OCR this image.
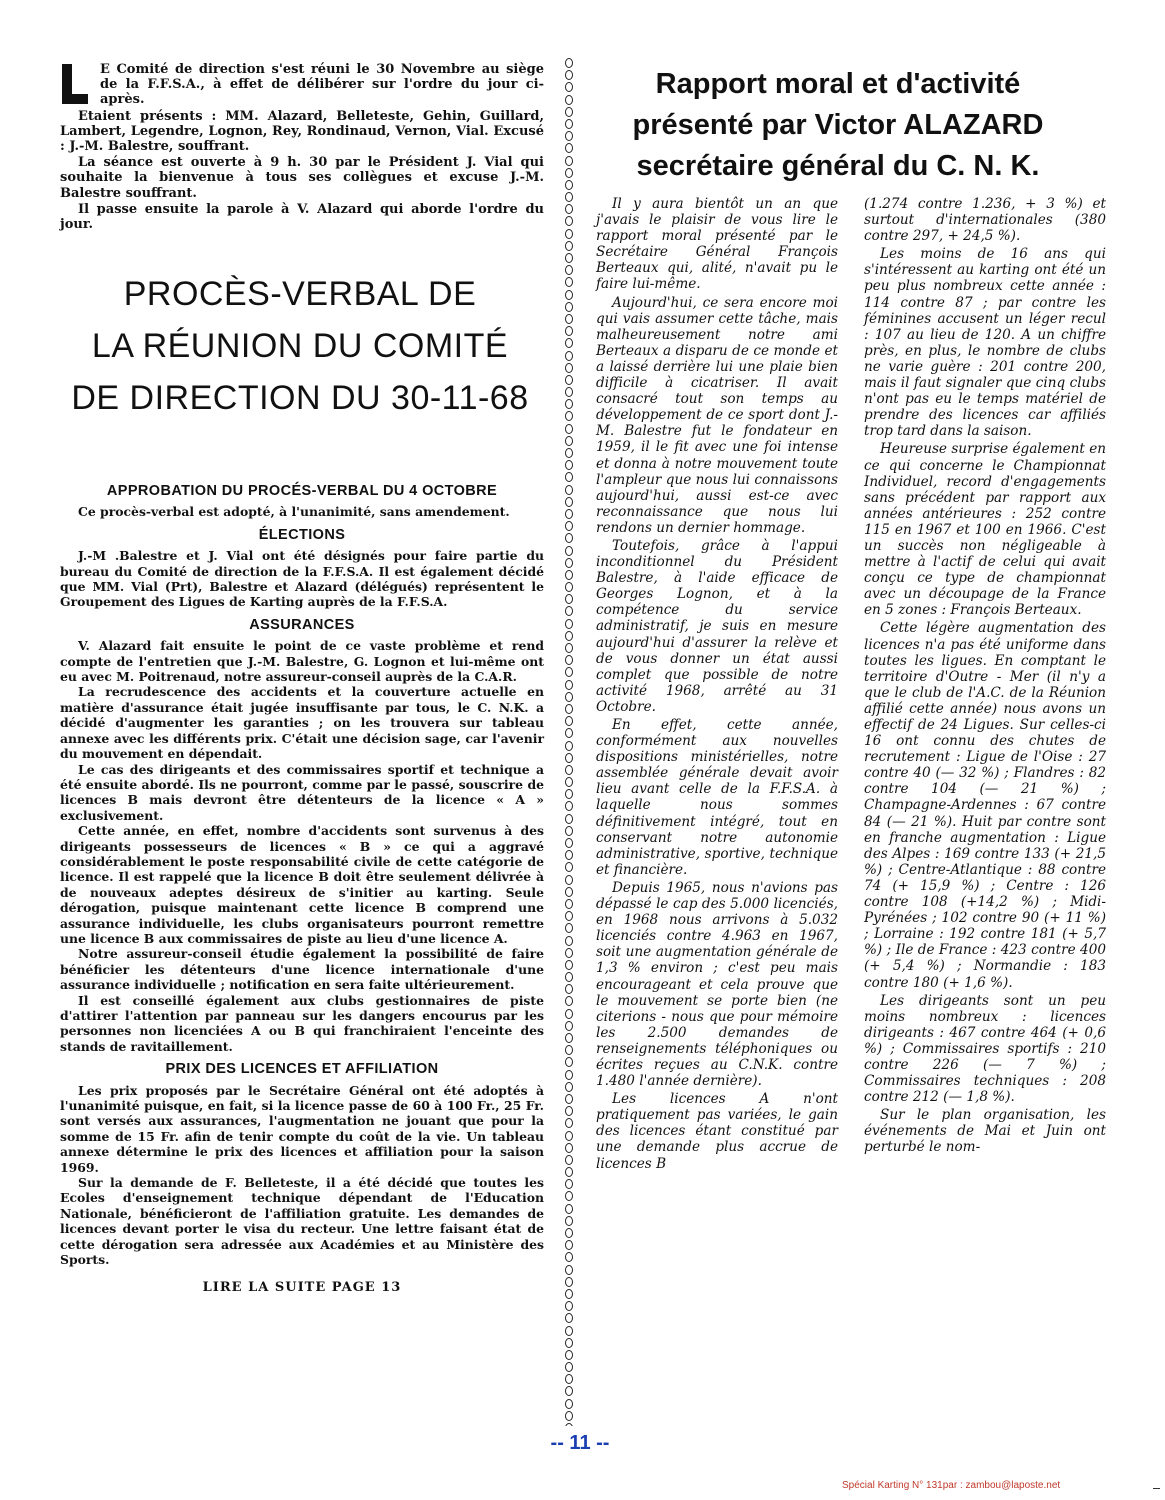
E Comité de direction s'est réuni le 30 Novembre au siège de la F.F.S.A., à effet de délibérer sur l'ordre du jour ci-après.

Etaient présents : MM. Alazard, Belleteste, Gehin, Guillard, Lambert, Legendre, Lognon, Rey, Rondinaud, Vernon, Vial. Excusé : J.-M. Balestre, souffrant.

La séance est ouverte à 9 h. 30 par le Président J. Vial qui souhaite la bienvenue à tous ses collègues et excuse J.-M. Balestre souffrant.

Il passe ensuite la parole à V. Alazard qui aborde l'ordre du jour.

PROCÈS-VERBAL DE
LA RÉUNION DU COMITÉ
DE DIRECTION DU 30-11-68
APPROBATION DU PROCÉS-VERBAL DU 4 OCTOBRE

Ce procès-verbal est adopté, à l'unanimité, sans amendement.

ÉLECTIONS

J.-M .Balestre et J. Vial ont été désignés pour faire partie du bureau du Comité de direction de la F.F.S.A. Il est également décidé que MM. Vial (Prt), Balestre et Alazard (délégués) représentent le Groupement des Ligues de Karting auprès de la F.F.S.A.

ASSURANCES

V. Alazard fait ensuite le point de ce vaste problème et rend compte de l'entretien que J.-M. Balestre, G. Lognon et lui-même ont eu avec M. Poitrenaud, notre assureur-conseil auprès de la C.A.R.

La recrudescence des accidents et la couverture actuelle en matière d'assurance était jugée insuffisante par tous, le C. N.K. a décidé d'augmenter les garanties ; on les trouvera sur tableau annexe avec les différents prix. C'était une décision sage, car l'avenir du mouvement en dépendait.

Le cas des dirigeants et des commissaires sportif et technique a été ensuite abordé. Ils ne pourront, comme par le passé, souscrire de licences B mais devront être détenteurs de la licence « A » exclusivement.

Cette année, en effet, nombre d'accidents sont survenus à des dirigeants possesseurs de licences « B » ce qui a aggravé considérablement le poste responsabilité civile de cette catégorie de licence. Il est rappelé que la licence B doit être seulement délivrée à de nouveaux adeptes désireux de s'initier au karting. Seule dérogation, puisque maintenant cette licence B comprend une assurance individuelle, les clubs organisateurs pourront remettre une licence B aux commissaires de piste au lieu d'une licence A.

Notre assureur-conseil étudie également la possibilité de faire bénéficier les détenteurs d'une licence internationale d'une assurance individuelle ; notification en sera faite ultérieurement.

Il est conseillé également aux clubs gestionnaires de piste d'attirer l'attention par panneau sur les dangers encourus par les personnes non licenciées A ou B qui franchiraient l'enceinte des stands de ravitaillement.

PRIX DES LICENCES ET AFFILIATION

Les prix proposés par le Secrétaire Général ont été adoptés à l'unanimité puisque, en fait, si la licence passe de 60 à 100 Fr., 25 Fr. sont versés aux assurances, l'augmentation ne jouant que pour la somme de 15 Fr. afin de tenir compte du coût de la vie. Un tableau annexe détermine le prix des licences et affiliation pour la saison 1969.

Sur la demande de F. Belleteste, il a été décidé que toutes les Ecoles d'enseignement technique dépendant de l'Education Nationale, bénéficieront de l'affiliation gratuite. Les demandes de licences devant porter le visa du recteur. Une lettre faisant état de cette dérogation sera adressée aux Académies et au Ministère des Sports.

LIRE LA SUITE PAGE 13
Rapport moral et d'activité
présenté par Victor ALAZARD
secrétaire général du C. N. K.

Il y aura bientôt un an que j'avais le plaisir de vous lire le rapport moral présenté par le Secrétaire Général François Berteaux qui, alité, n'avait pu le faire lui-même.

Aujourd'hui, ce sera encore moi qui vais assumer cette tâche, mais malheureusement notre ami Berteaux a disparu de ce monde et a laissé derrière lui une plaie bien difficile à cicatriser. Il avait consacré tout son temps au développement de ce sport dont J.-M. Balestre fut le fondateur en 1959, il le fit avec une foi intense et donna à notre mouvement toute l'ampleur que nous lui connaissons aujourd'hui, aussi est-ce avec reconnaissance que nous lui rendons un dernier hommage.

Toutefois, grâce à l'appui inconditionnel du Président Balestre, à l'aide efficace de Georges Lognon, et à la compétence du service administratif, je suis en mesure aujourd'hui d'assurer la relève et de vous donner un état aussi complet que possible de notre activité 1968, arrêté au 31 Octobre.

En effet, cette année, conformément aux nouvelles dispositions ministérielles, notre assemblée générale devait avoir lieu avant celle de la F.F.S.A. à laquelle nous sommes définitivement intégré, tout en conservant notre autonomie administrative, sportive, technique et financière.

Depuis 1965, nous n'avions pas dépassé le cap des 5.000 licenciés, en 1968 nous arrivons à 5.032 licenciés contre 4.963 en 1967, soit une augmentation générale de 1,3 % environ ; c'est peu mais encourageant et cela prouve que le mouvement se porte bien (ne citerions - nous que pour mémoire les 2.500 demandes de renseignements téléphoniques ou écrites reçues au C.N.K. contre 1.480 l'année dernière).

Les licences A n'ont pratiquement pas variées, le gain des licences étant constitué par une demande plus accrue de licences B

(1.274 contre 1.236, + 3 %) et surtout d'internationales (380 contre 297, + 24,5 %).

Les moins de 16 ans qui s'intéressent au karting ont été un peu plus nombreux cette année : 114 contre 87 ; par contre les féminines accusent un léger recul : 107 au lieu de 120. A un chiffre près, en plus, le nombre de clubs ne varie guère : 201 contre 200, mais il faut signaler que cinq clubs n'ont pas eu le temps matériel de prendre des licences car affiliés trop tard dans la saison.

Heureuse surprise également en ce qui concerne le Championnat Individuel, record d'engagements sans précédent par rapport aux années antérieures : 252 contre 115 en 1967 et 100 en 1966. C'est un succès non négligeable à mettre à l'actif de celui qui avait conçu ce type de championnat avec un découpage de la France en 5 zones : François Berteaux.

Cette légère augmentation des licences n'a pas été uniforme dans toutes les ligues. En comptant le territoire d'Outre - Mer (il n'y a que le club de l'A.C. de la Réunion affilié cette année) nous avons un effectif de 24 Ligues. Sur celles-ci 16 ont connu des chutes de recrutement : Ligue de l'Oise : 27 contre 40 (— 32 %) ; Flandres : 82 contre 104 (— 21 %) ; Champagne-Ardennes : 67 contre 84 (— 21 %). Huit par contre sont en franche augmentation : Ligue des Alpes : 169 contre 133 (+ 21,5 %) ; Centre-Atlantique : 88 contre 74 (+ 15,9 %) ; Centre : 126 contre 108 (+14,2 %) ; Midi-Pyrénées ; 102 contre 90 (+ 11 %) ; Lorraine : 192 contre 181 (+ 5,7 %) ; Ile de France : 423 contre 400 (+ 5,4 %) ; Normandie : 183 contre 180 (+ 1,6 %).

Les dirigeants sont un peu moins nombreux : licences dirigeants : 467 contre 464 (+ 0,6 %) ; Commissaires sportifs : 210 contre 226 (— 7 %) ; Commissaires techniques : 208 contre 212 (— 1,8 %).

Sur le plan organisation, les événements de Mai et Juin ont perturbé le nom-

-- 11 --
Spécial Karting N° 131par : zambou@laposte.net
